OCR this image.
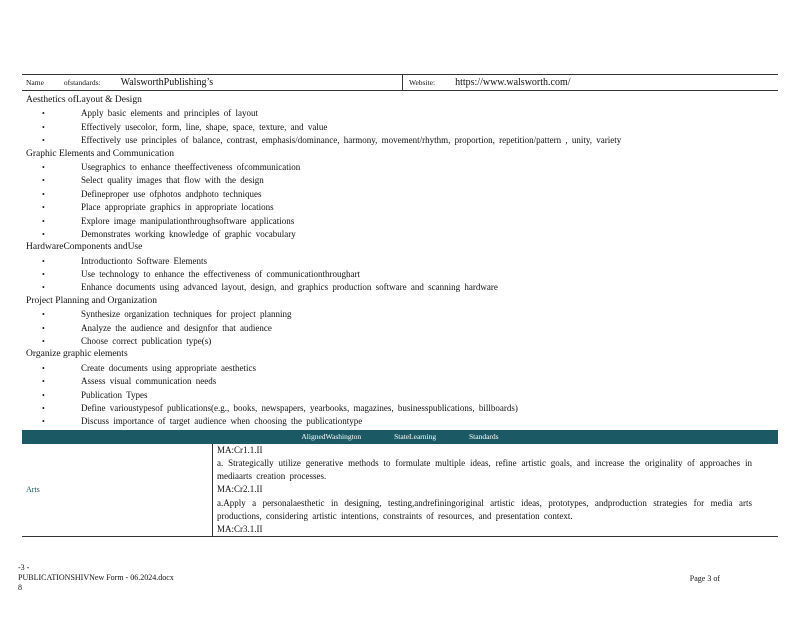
Name	ofstandards: WalsworthPublishing’s	Website: https://www.walsworth.com/
Aesthetics ofLayout & Design
•	Apply basic elements and principles of layout
•	Effectively usecolor, form, line, shape, space, texture, and value
•	Effectively use principles of balance, contrast, emphasis/dominance, harmony, movement/rhythm, proportion, repetition/pattern , unity, variety
Graphic Elements and Communication
•	Usegraphics to enhance theeffectiveness ofcommunication
•	Select quality images that flow with the design
•	Defineproper use ofphotos andphoto techniques
•	Place appropriate graphics in appropriate locations
•	Explore image manipulationthroughsoftware applications
•	Demonstrates working knowledge of graphic vocabulary
HardwareComponents andUse
•	Introductionto Software Elements
•	Use technology to enhance the effectiveness of communicationthroughart
•	Enhance documents using advanced layout, design, and graphics production software and scanning hardware
Project Planning and Organization
•	Synthesize organization techniques for project planning
•	Analyze the audience and designfor that audience
•	Choose correct publication type(s)
Organize graphic elements
•	Create documents using appropriate aesthetics
•	Assess visual communication needs
•	Publication Types
•	Define varioustypesof publications(e.g., books, newspapers, yearbooks, magazines, businesspublications, billboards)
•	Discuss importance of target audience when choosing the publicationtype
AlignedWashington	StateLearning	Standards
Arts
MA:Cr1.1.II
a. Strategically utilize generative methods to formulate multiple ideas, refine artistic goals, and increase the originality of approaches in mediaarts creation processes.
MA:Cr2.1.II
a.Apply a personalaesthetic in designing, testing,andrefiningoriginal artistic ideas, prototypes, andproduction strategies for media arts productions, considering artistic intentions, constraints of resources, and presentation context.
MA:Cr3.1.II
-3 -
PUBLICATIONSHIVNew Form - 06.2024.docx
8
Page 3 of
